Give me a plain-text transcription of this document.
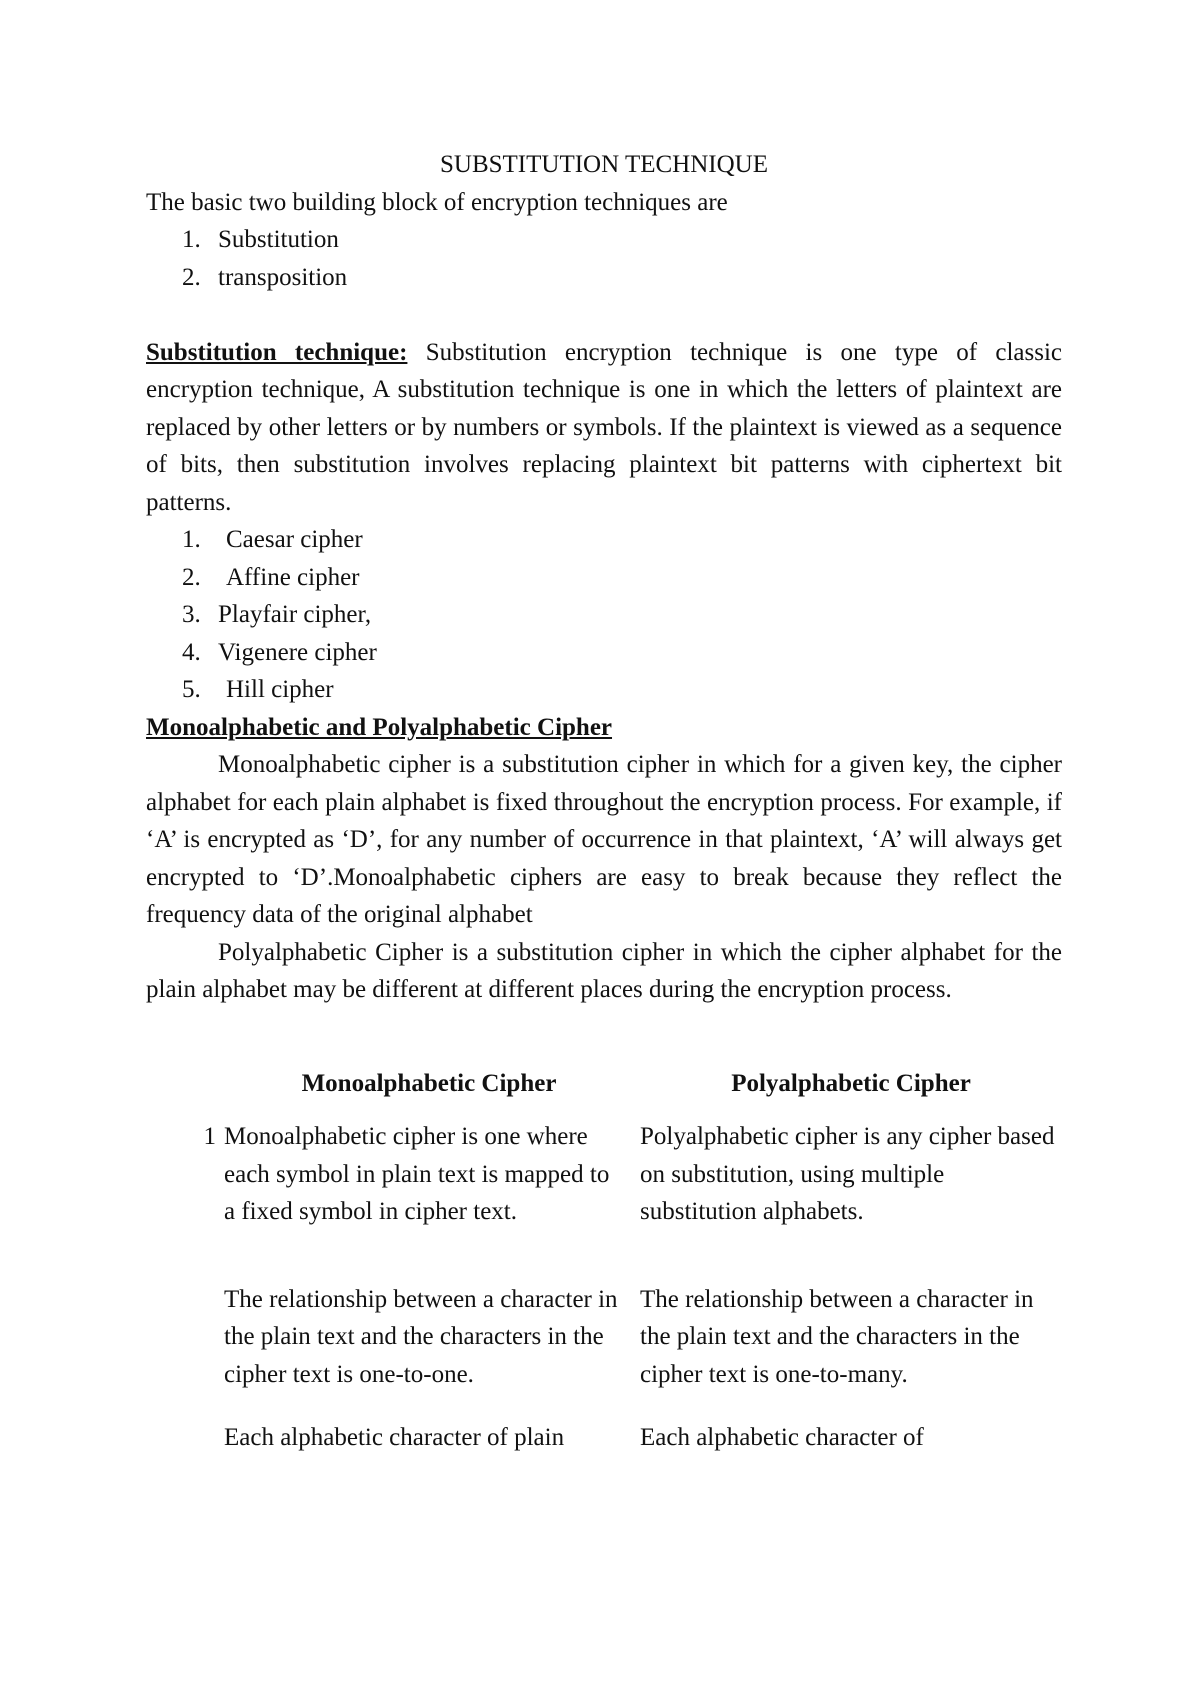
SUBSTITUTION TECHNIQUE

The basic two building block of encryption techniques are

1. Substitution
2. transposition

Substitution technique: Substitution encryption technique is one type of classic encryption technique, A substitution technique is one in which the letters of plaintext are replaced by other letters or by numbers or symbols. If the plaintext is viewed as a sequence of bits, then substitution involves replacing plaintext bit patterns with ciphertext bit patterns.

1. Caesar cipher
2. Affine cipher
3. Playfair cipher,
4. Vigenere cipher
5. Hill cipher

Monoalphabetic and Polyalphabetic Cipher

Monoalphabetic cipher is a substitution cipher in which for a given key, the cipher alphabet for each plain alphabet is fixed throughout the encryption process. For example, if ‘A’ is encrypted as ‘D’, for any number of occurrence in that plaintext, ‘A’ will always get encrypted to ‘D’.Monoalphabetic ciphers are easy to break because they reflect the frequency data of the original alphabet

Polyalphabetic Cipher is a substitution cipher in which the cipher alphabet for the plain alphabet may be different at different places during the encryption process.

	Monoalphabetic Cipher	Polyalphabetic Cipher
1	Monoalphabetic cipher is one where each symbol in plain text is mapped to a fixed symbol in cipher text.	Polyalphabetic cipher is any cipher based on substitution, using multiple substitution alphabets.

	The relationship between a character in the plain text and the characters in the cipher text is one-to-one.	The relationship between a character in the plain text and the characters in the cipher text is one-to-many.
	Each alphabetic character of plain	Each alphabetic character of
